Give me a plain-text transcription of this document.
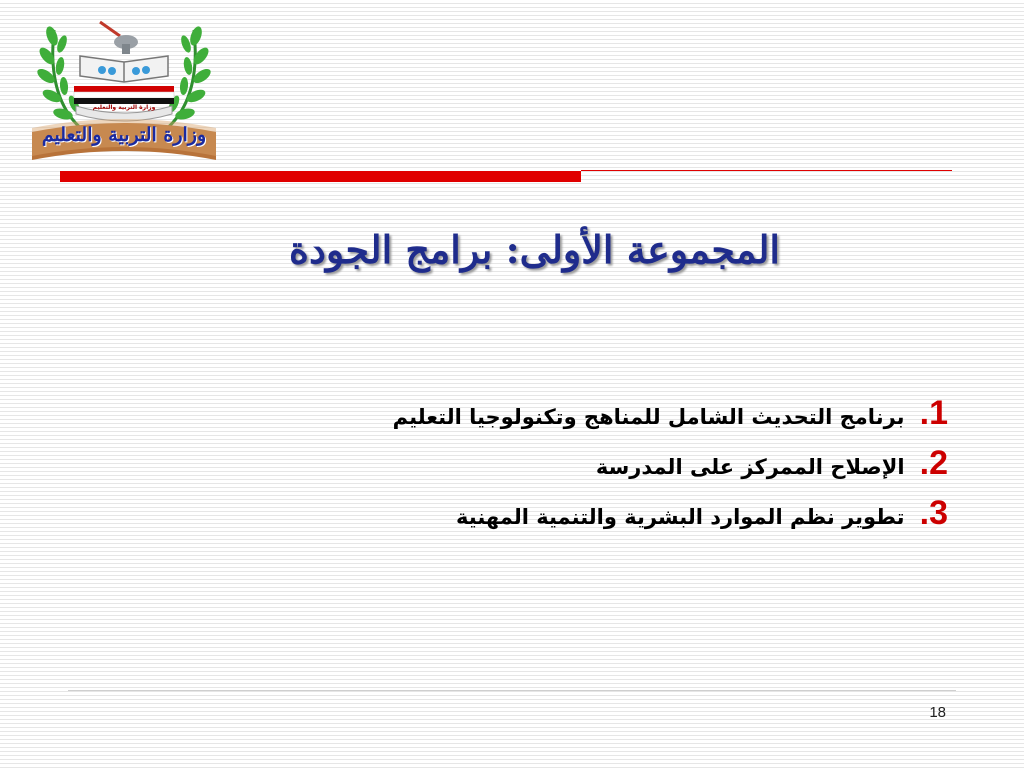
وزارة التربية والتعليم
وزارة التربية والتعليم
المجموعة الأولى: برامج الجودة
1. برنامج التحديث الشامل للمناهج وتكنولوجيا التعليم
2. الإصلاح الممركز على المدرسة
3. تطوير نظم الموارد البشرية والتنمية المهنية
18
